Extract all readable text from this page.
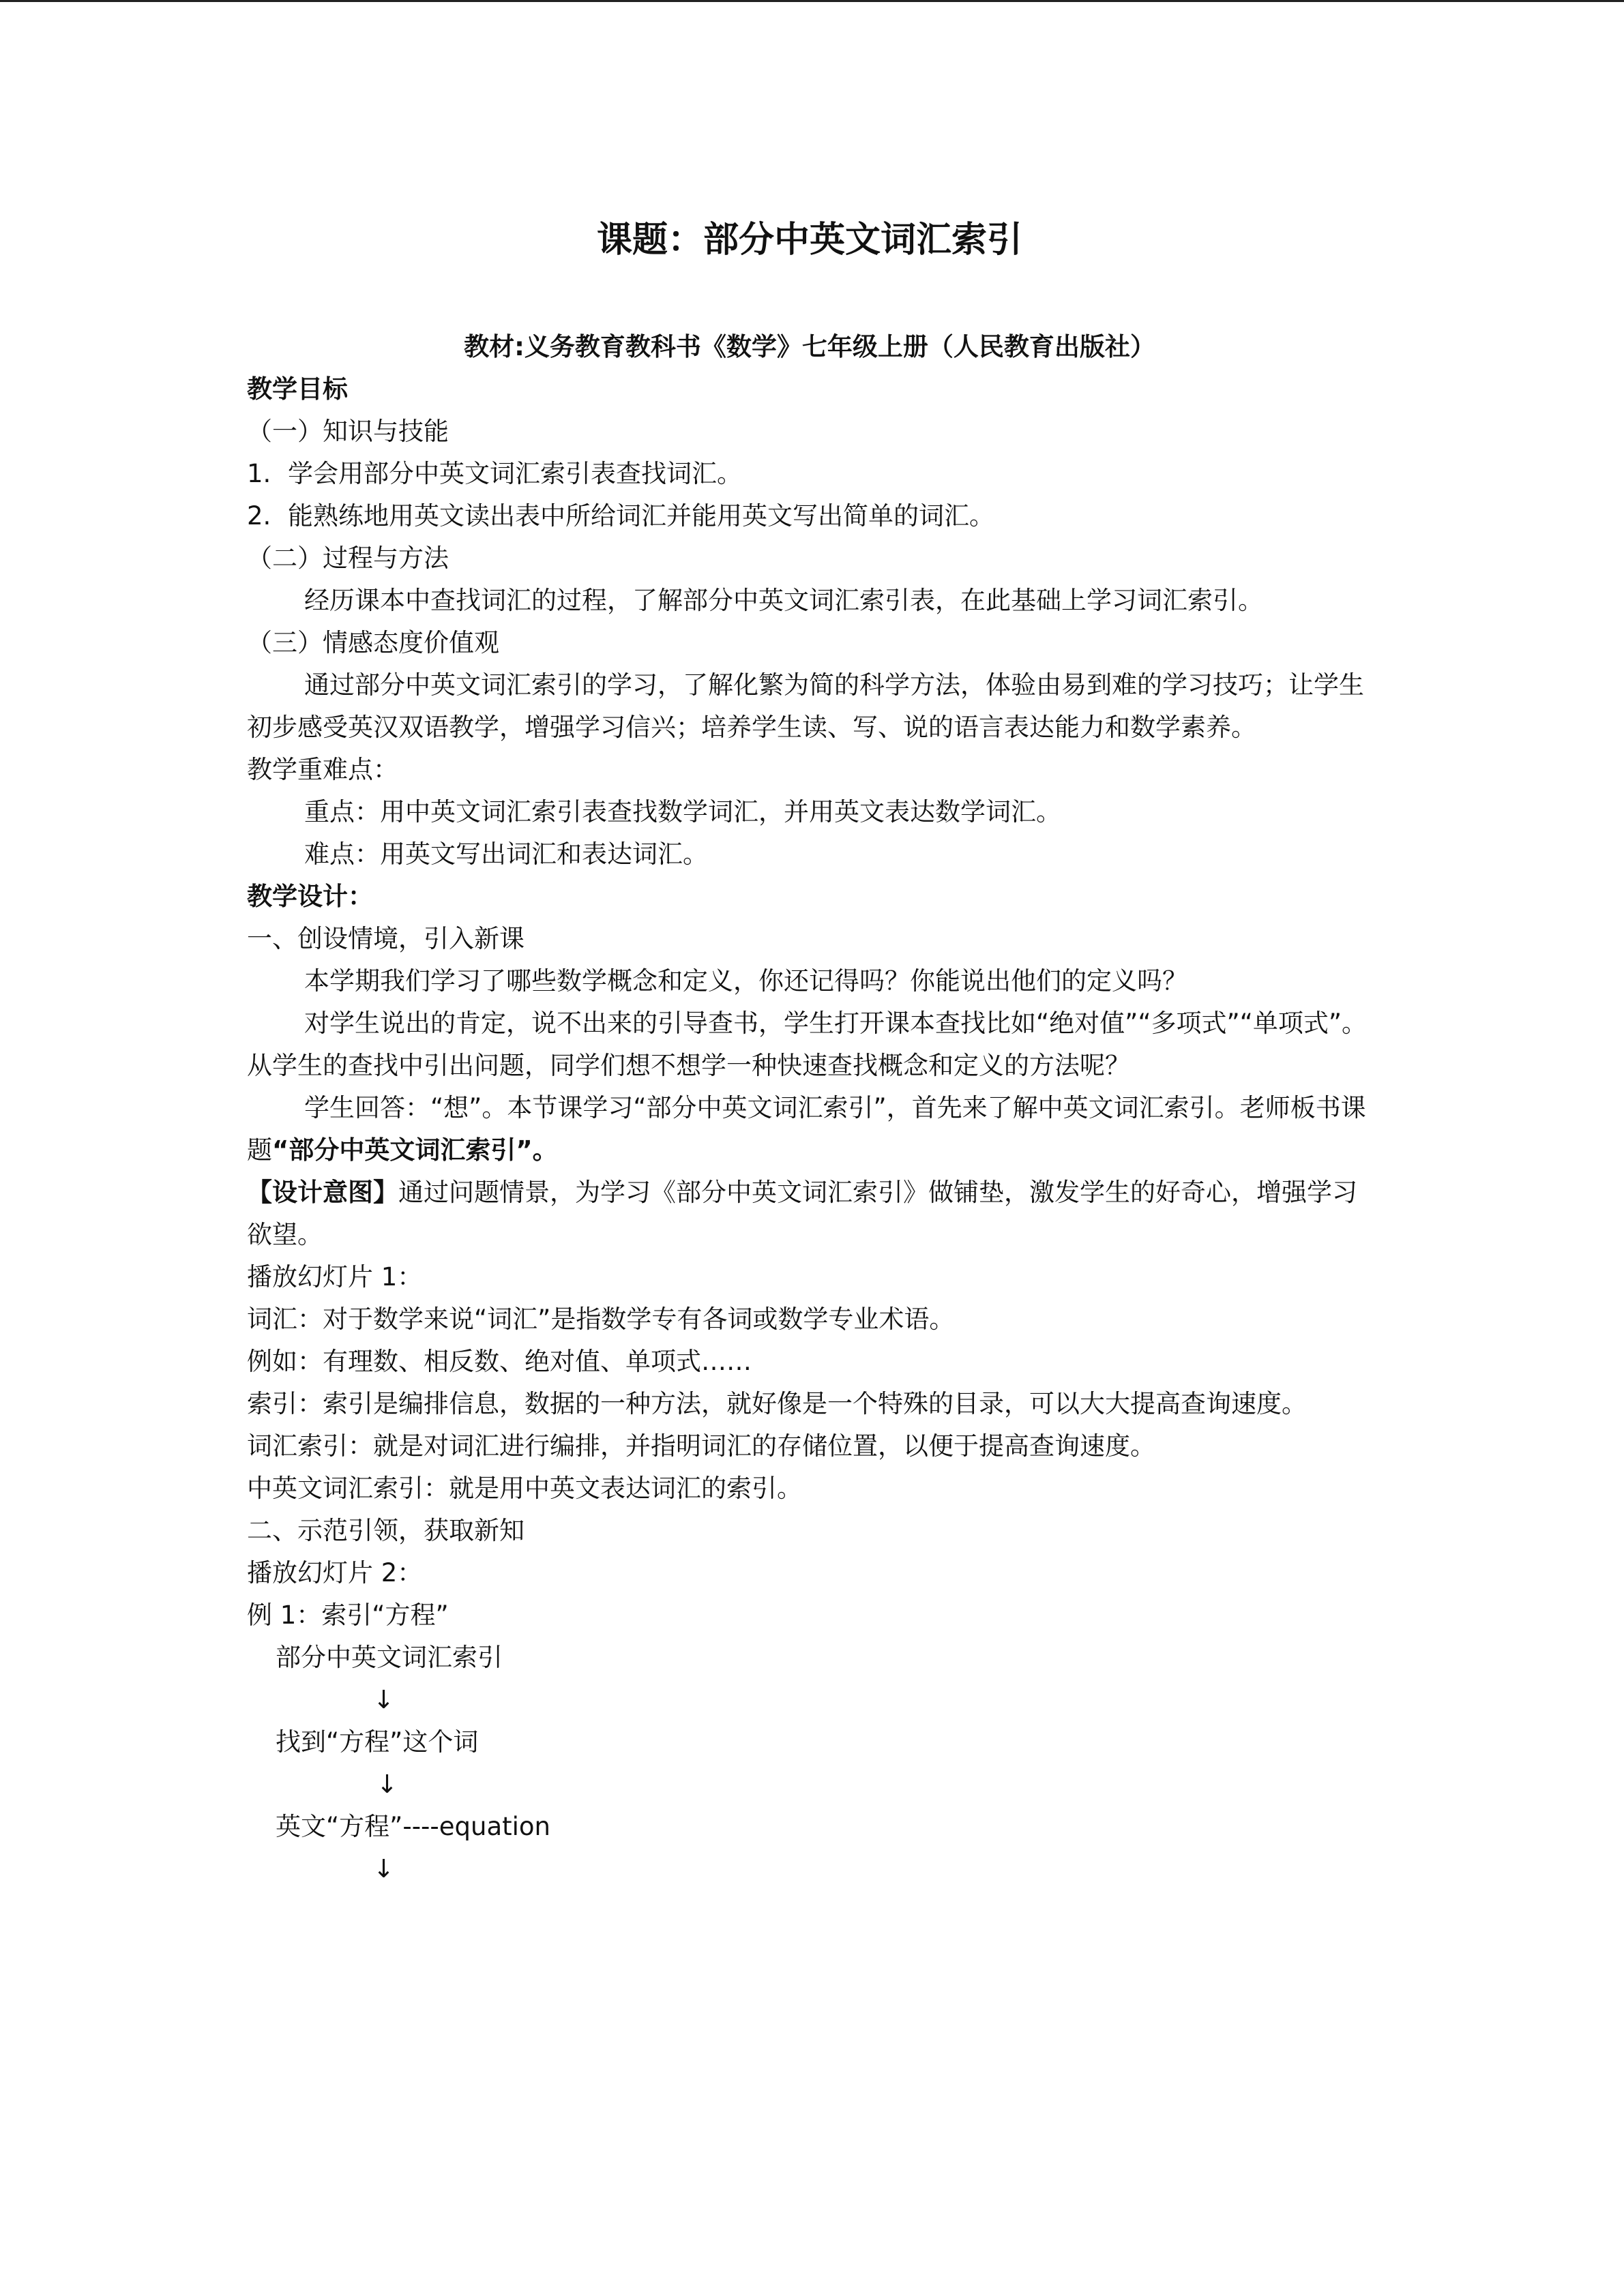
课题：部分中英文词汇索引
教材:义务教育教科书《数学》七年级上册（人民教育出版社）
教学目标
（一）知识与技能
1. 学会用部分中英文词汇索引表查找词汇。
2. 能熟练地用英文读出表中所给词汇并能用英文写出简单的词汇。
（二）过程与方法
经历课本中查找词汇的过程，了解部分中英文词汇索引表，在此基础上学习词汇索引。
（三）情感态度价值观
通过部分中英文词汇索引的学习，了解化繁为简的科学方法，体验由易到难的学习技巧；让学生初步感受英汉双语教学，增强学习信兴；培养学生读、写、说的语言表达能力和数学素养。
教学重难点：
重点：用中英文词汇索引表查找数学词汇，并用英文表达数学词汇。
难点：用英文写出词汇和表达词汇。
教学设计：
一、创设情境，引入新课
本学期我们学习了哪些数学概念和定义，你还记得吗？你能说出他们的定义吗？
对学生说出的肯定，说不出来的引导查书，学生打开课本查找比如“绝对值”“多项式”“单项式”。从学生的查找中引出问题，同学们想不想学一种快速查找概念和定义的方法呢？
学生回答：“想”。本节课学习“部分中英文词汇索引”，首先来了解中英文词汇索引。老师板书课题“部分中英文词汇索引”。
【设计意图】通过问题情景，为学习《部分中英文词汇索引》做铺垫，激发学生的好奇心，增强学习欲望。
播放幻灯片 1：
词汇：对于数学来说“词汇”是指数学专有各词或数学专业术语。
例如：有理数、相反数、绝对值、单项式……
索引：索引是编排信息，数据的一种方法，就好像是一个特殊的目录，可以大大提高查询速度。
词汇索引：就是对词汇进行编排，并指明词汇的存储位置，以便于提高查询速度。
中英文词汇索引：就是用中英文表达词汇的索引。
二、示范引领，获取新知
播放幻灯片 2：
例 1：索引“方程”
部分中英文词汇索引
↓
找到“方程”这个词
↓
英文“方程”----equation
↓
